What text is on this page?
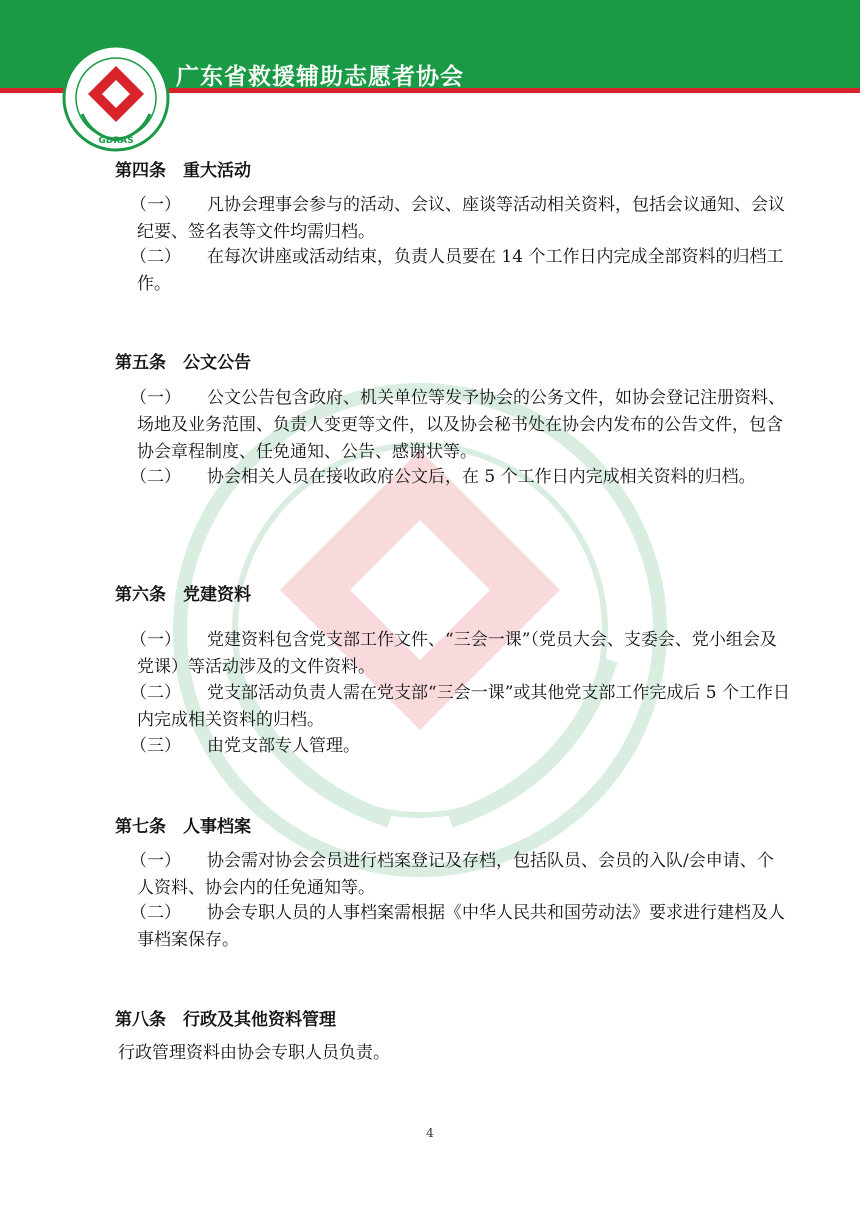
广东省救援辅助志愿者协会
GDRAS
第四条　重大活动
（一）	凡协会理事会参与的活动、会议、座谈等活动相关资料，包括会议通知、会议纪要、签名表等文件均需归档。
（二）	在每次讲座或活动结束，负责人员要在 14 个工作日内完成全部资料的归档工作。
第五条　公文公告
（一）	公文公告包含政府、机关单位等发予协会的公务文件，如协会登记注册资料、场地及业务范围、负责人变更等文件，以及协会秘书处在协会内发布的公告文件，包含协会章程制度、任免通知、公告、感谢状等。
（二）	协会相关人员在接收政府公文后，在 5 个工作日内完成相关资料的归档。
第六条　党建资料
（一）	党建资料包含党支部工作文件、“三会一课”（党员大会、支委会、党小组会及党课）等活动涉及的文件资料。
（二）	党支部活动负责人需在党支部“三会一课”或其他党支部工作完成后 5 个工作日内完成相关资料的归档。
（三）	由党支部专人管理。
第七条　人事档案
（一）	协会需对协会会员进行档案登记及存档，包括队员、会员的入队/会申请、个人资料、协会内的任免通知等。
（二）	协会专职人员的人事档案需根据《中华人民共和国劳动法》要求进行建档及人事档案保存。
第八条　行政及其他资料管理
行政管理资料由协会专职人员负责。
4
